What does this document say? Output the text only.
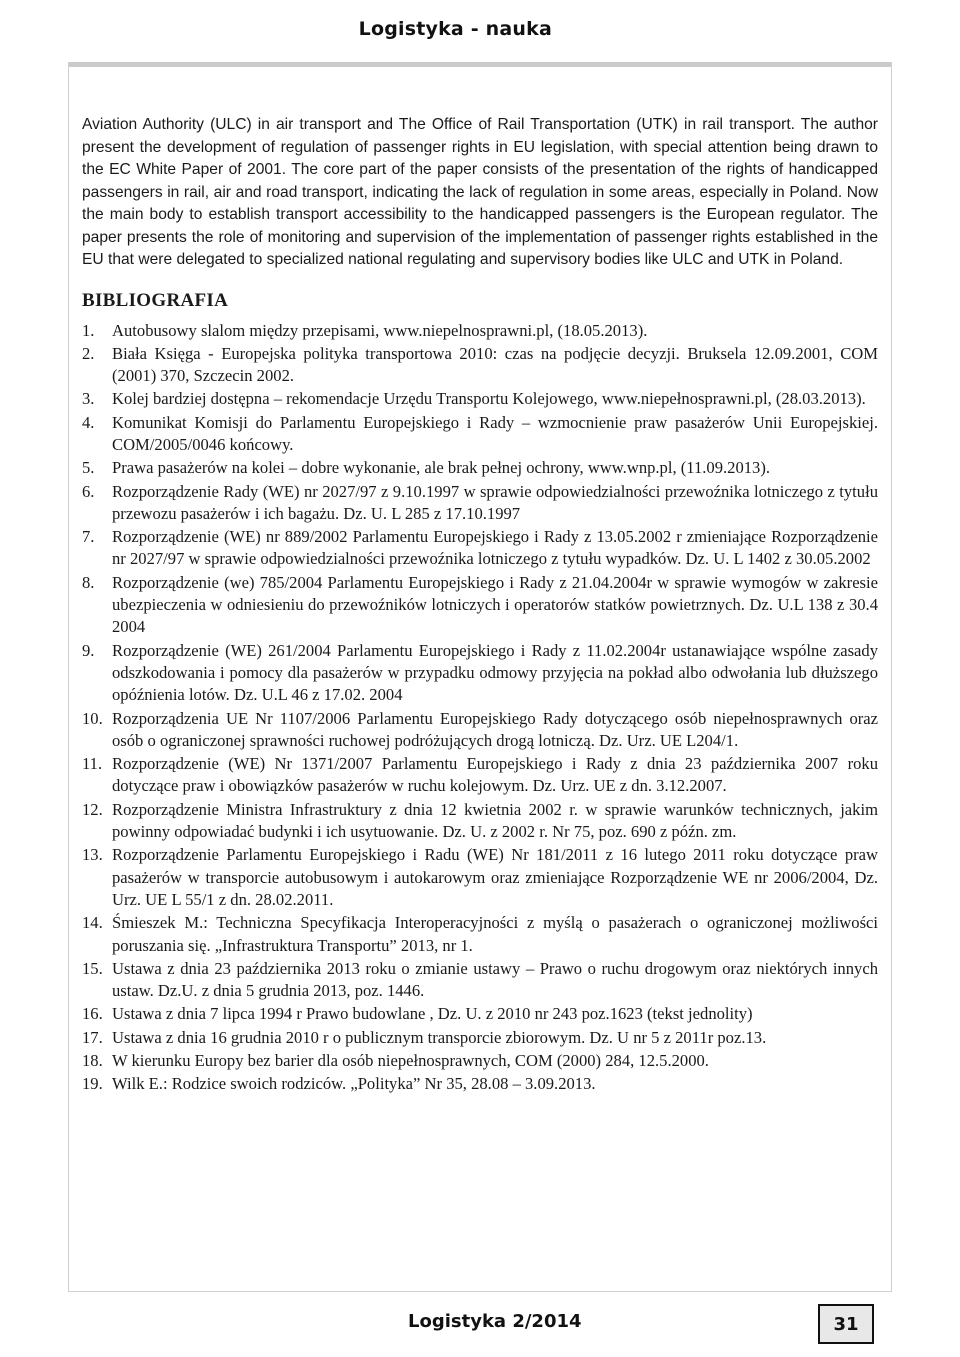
Logistyka - nauka

Aviation Authority (ULC) in air transport and The Office of Rail Transportation (UTK) in rail transport. The author present the development of regulation of passenger rights in EU legislation, with special attention being drawn to the EC White Paper of 2001. The core part of the paper consists of the presentation of the rights of handicapped passengers in rail, air and road transport, indicating the lack of regulation in some areas, especially in Poland. Now the main body to establish transport accessibility to the handicapped passengers is the European regulator. The paper presents the role of monitoring and supervision of the implementation of passenger rights established in the EU that were delegated to specialized national regulating and supervisory bodies like ULC and UTK in Poland.

BIBLIOGRAFIA
1.	Autobusowy slalom między przepisami, www.niepelnosprawni.pl, (18.05.2013).
2.	Biała Księga - Europejska polityka transportowa 2010: czas na podjęcie decyzji. Bruksela 12.09.2001, COM (2001) 370, Szczecin 2002.
3.	Kolej bardziej dostępna – rekomendacje Urzędu Transportu Kolejowego, www.niepełnosprawni.pl, (28.03.2013).
4.	Komunikat Komisji do Parlamentu Europejskiego i Rady – wzmocnienie praw pasażerów Unii Europejskiej. COM/2005/0046 końcowy.
5.	Prawa pasażerów na kolei – dobre wykonanie, ale brak pełnej ochrony, www.wnp.pl, (11.09.2013).
6.	Rozporządzenie Rady (WE) nr 2027/97 z 9.10.1997 w sprawie odpowiedzialności przewoźnika lotniczego z tytułu przewozu pasażerów i ich bagażu. Dz. U. L 285 z 17.10.1997
7.	Rozporządzenie (WE) nr 889/2002 Parlamentu Europejskiego i Rady z 13.05.2002 r zmieniające Rozporządzenie nr 2027/97 w sprawie odpowiedzialności przewoźnika lotniczego z tytułu wypadków. Dz. U. L 1402 z 30.05.2002
8.	Rozporządzenie (we) 785/2004 Parlamentu Europejskiego i Rady z 21.04.2004r w sprawie wymogów w zakresie ubezpieczenia w odniesieniu do przewoźników lotniczych i operatorów statków powietrznych. Dz. U.L 138 z 30.4 2004
9.	Rozporządzenie (WE) 261/2004 Parlamentu Europejskiego i Rady z 11.02.2004r ustanawiające wspólne zasady odszkodowania i pomocy dla pasażerów w przypadku odmowy przyjęcia na pokład albo odwołania lub dłuższego opóźnienia lotów. Dz. U.L 46 z 17.02. 2004
10. Rozporządzenia UE Nr 1107/2006 Parlamentu Europejskiego Rady dotyczącego osób niepełnosprawnych oraz osób o ograniczonej sprawności ruchowej podróżujących drogą lotniczą. Dz. Urz. UE L204/1.
11. Rozporządzenie (WE) Nr 1371/2007 Parlamentu Europejskiego i Rady z dnia 23 października 2007 roku dotyczące praw i obowiązków pasażerów w ruchu kolejowym. Dz. Urz. UE z dn. 3.12.2007.
12. Rozporządzenie Ministra Infrastruktury z dnia 12 kwietnia 2002 r. w sprawie warunków technicznych, jakim powinny odpowiadać budynki i ich usytuowanie. Dz. U. z 2002 r. Nr 75, poz. 690 z późn. zm.
13. Rozporządzenie Parlamentu Europejskiego i Radu (WE) Nr 181/2011 z 16 lutego 2011 roku dotyczące praw pasażerów w transporcie autobusowym i autokarowym oraz zmieniające Rozporządzenie WE nr 2006/2004, Dz. Urz. UE L 55/1 z dn. 28.02.2011.
14. Śmieszek M.: Techniczna Specyfikacja Interoperacyjności z myślą o pasażerach o ograniczonej możliwości poruszania się. „Infrastruktura Transportu” 2013, nr 1.
15. Ustawa z dnia 23 października 2013 roku o zmianie ustawy – Prawo o ruchu drogowym oraz niektórych innych ustaw. Dz.U. z dnia 5 grudnia 2013, poz. 1446.
16. Ustawa z dnia 7 lipca 1994 r Prawo budowlane , Dz. U. z 2010 nr 243 poz.1623 (tekst jednolity)
17. Ustawa z dnia 16 grudnia 2010 r o publicznym transporcie zbiorowym. Dz. U nr 5 z 2011r poz.13.
18. W kierunku Europy bez barier dla osób niepełnosprawnych, COM (2000) 284, 12.5.2000.
19. Wilk E.: Rodzice swoich rodziców. „Polityka” Nr 35, 28.08 – 3.09.2013.
Logistyka 2/2014	31
